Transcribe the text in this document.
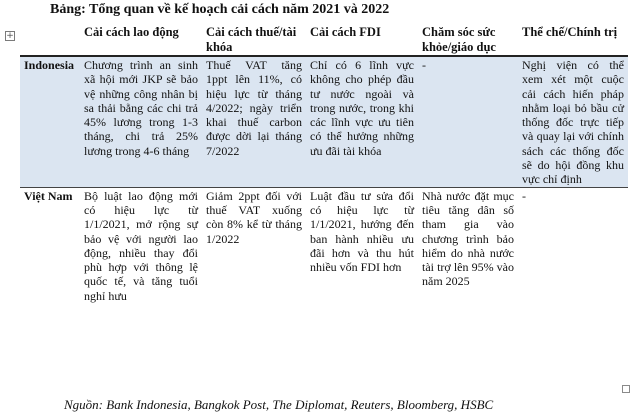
Bảng: Tổng quan về kế hoạch cải cách năm 2021 và 2022
+
		Cải cách lao động	Cải cách thuế/tài khóa	Cải cách FDI	Chăm sóc sức khỏe/giáo dục	Thể chế/Chính trị
Indonesia	Chương trình an sinh xã hội mới JKP sẽ bảo vệ những công nhân bị sa thải bằng các chi trả 45% lương trong 1-3 tháng, chi trả 25% lương trong 4-6 tháng	Thuế VAT tăng 1ppt lên 11%, có hiệu lực từ tháng 4/2022; ngày triển khai thuế carbon được dời lại tháng 7/2022	Chỉ có 6 lĩnh vực không cho phép đầu tư nước ngoài và trong nước, trong khi các lĩnh vực ưu tiên có thể hưởng những ưu đãi tài khóa	-	Nghị viện có thể xem xét một cuộc cải cách hiến pháp nhằm loại bỏ bầu cử thống đốc trực tiếp và quay lại với chính sách các thống đốc sẽ do hội đồng khu vực chỉ định
Việt Nam	Bộ luật lao động mới có hiệu lực từ 1/1/2021, mở rộng sự bảo vệ với người lao động, nhiều thay đổi phù hợp với thông lệ quốc tế, và tăng tuổi nghỉ hưu	Giảm 2ppt đối với thuế VAT xuống còn 8% kể từ tháng 1/2022	Luật đầu tư sửa đổi có hiệu lực từ 1/1/2021, hướng đến ban hành nhiều ưu đãi hơn và thu hút nhiều vốn FDI hơn	Nhà nước đặt mục tiêu tăng dân số tham gia vào chương trình bảo hiểm do nhà nước tài trợ lên 95% vào năm 2025	-
Nguồn: Bank Indonesia, Bangkok Post, The Diplomat, Reuters, Bloomberg, HSBC
